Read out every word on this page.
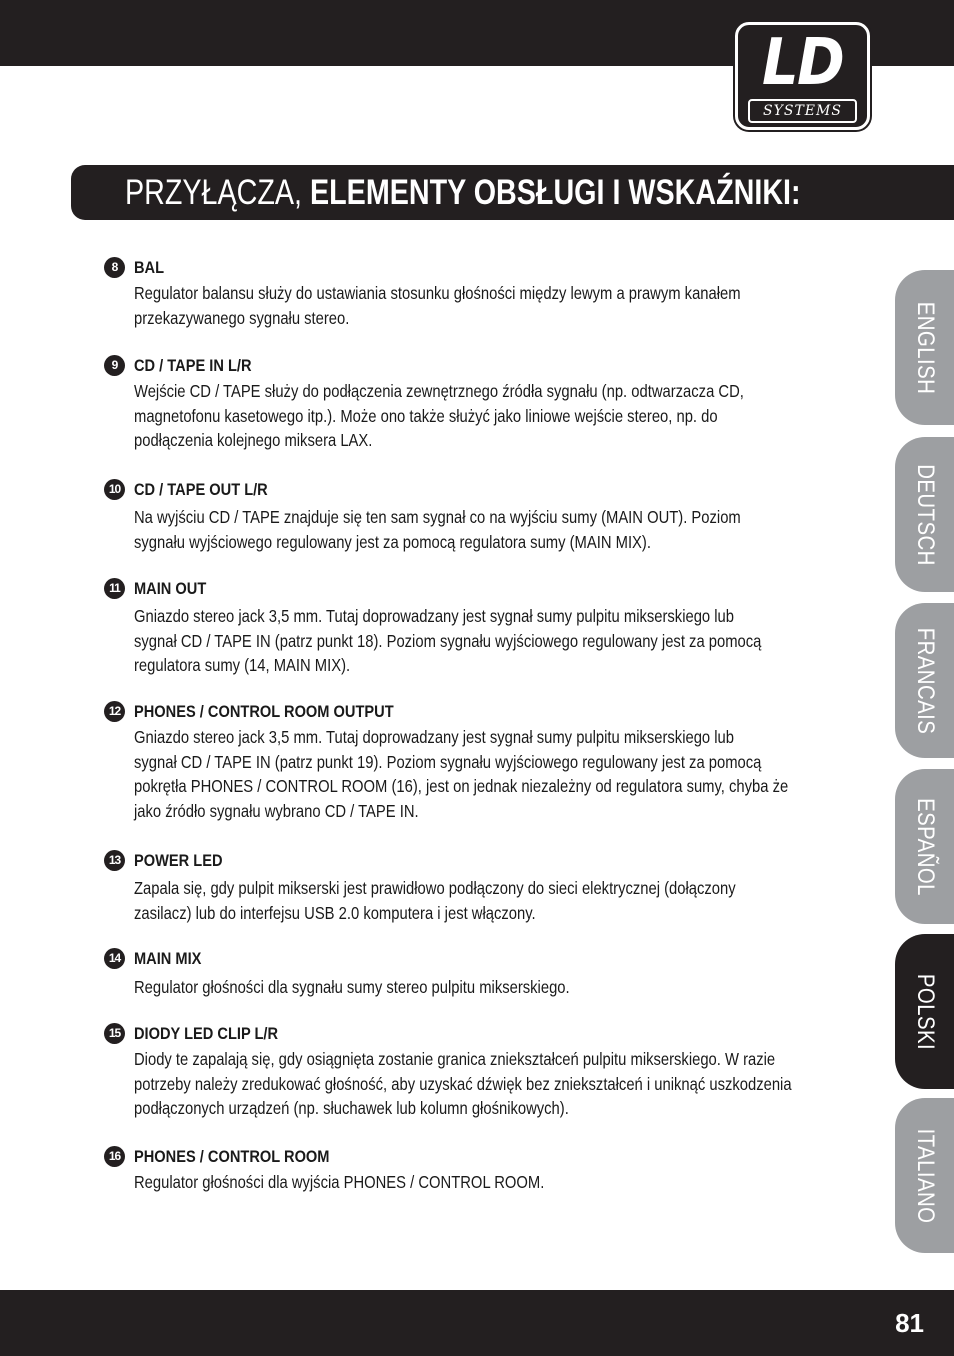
LD
SYSTEMS
PRZYŁĄCZA, ELEMENTY OBSŁUGI I WSKAŹNIKI:
ENGLISH
DEUTSCH
FRANCAIS
ESPAÑOL
POLSKI
ITALIANO
8 BAL
Regulator balansu służy do ustawiania stosunku głośności między lewym a prawym kanałem
przekazywanego sygnału stereo.
9 CD / TAPE IN L/R
Wejście CD / TAPE służy do podłączenia zewnętrznego źródła sygnału (np. odtwarzacza CD,
magnetofonu kasetowego itp.). Może ono także służyć jako liniowe wejście stereo, np. do
podłączenia kolejnego miksera LAX.
10 CD / TAPE OUT L/R
Na wyjściu CD / TAPE znajduje się ten sam sygnał co na wyjściu sumy (MAIN OUT). Poziom
sygnału wyjściowego regulowany jest za pomocą regulatora sumy (MAIN MIX).
11 MAIN OUT
Gniazdo stereo jack 3,5 mm. Tutaj doprowadzany jest sygnał sumy pulpitu mikserskiego lub
sygnał CD / TAPE IN (patrz punkt 18). Poziom sygnału wyjściowego regulowany jest za pomocą
regulatora sumy (14, MAIN MIX).
12 PHONES / CONTROL ROOM OUTPUT
Gniazdo stereo jack 3,5 mm. Tutaj doprowadzany jest sygnał sumy pulpitu mikserskiego lub
sygnał CD / TAPE IN (patrz punkt 19). Poziom sygnału wyjściowego regulowany jest za pomocą
pokrętła PHONES / CONTROL ROOM (16), jest on jednak niezależny od regulatora sumy, chyba że
jako źródło sygnału wybrano CD / TAPE IN.
13 POWER LED
Zapala się, gdy pulpit mikserski jest prawidłowo podłączony do sieci elektrycznej (dołączony
zasilacz) lub do interfejsu USB 2.0 komputera i jest włączony.
14 MAIN MIX
Regulator głośności dla sygnału sumy stereo pulpitu mikserskiego.
15 DIODY LED CLIP L/R
Diody te zapalają się, gdy osiągnięta zostanie granica zniekształceń pulpitu mikserskiego. W razie
potrzeby należy zredukować głośność, aby uzyskać dźwięk bez zniekształceń i uniknąć uszkodzenia
podłączonych urządzeń (np. słuchawek lub kolumn głośnikowych).
16 PHONES / CONTROL ROOM
Regulator głośności dla wyjścia PHONES / CONTROL ROOM.
81
